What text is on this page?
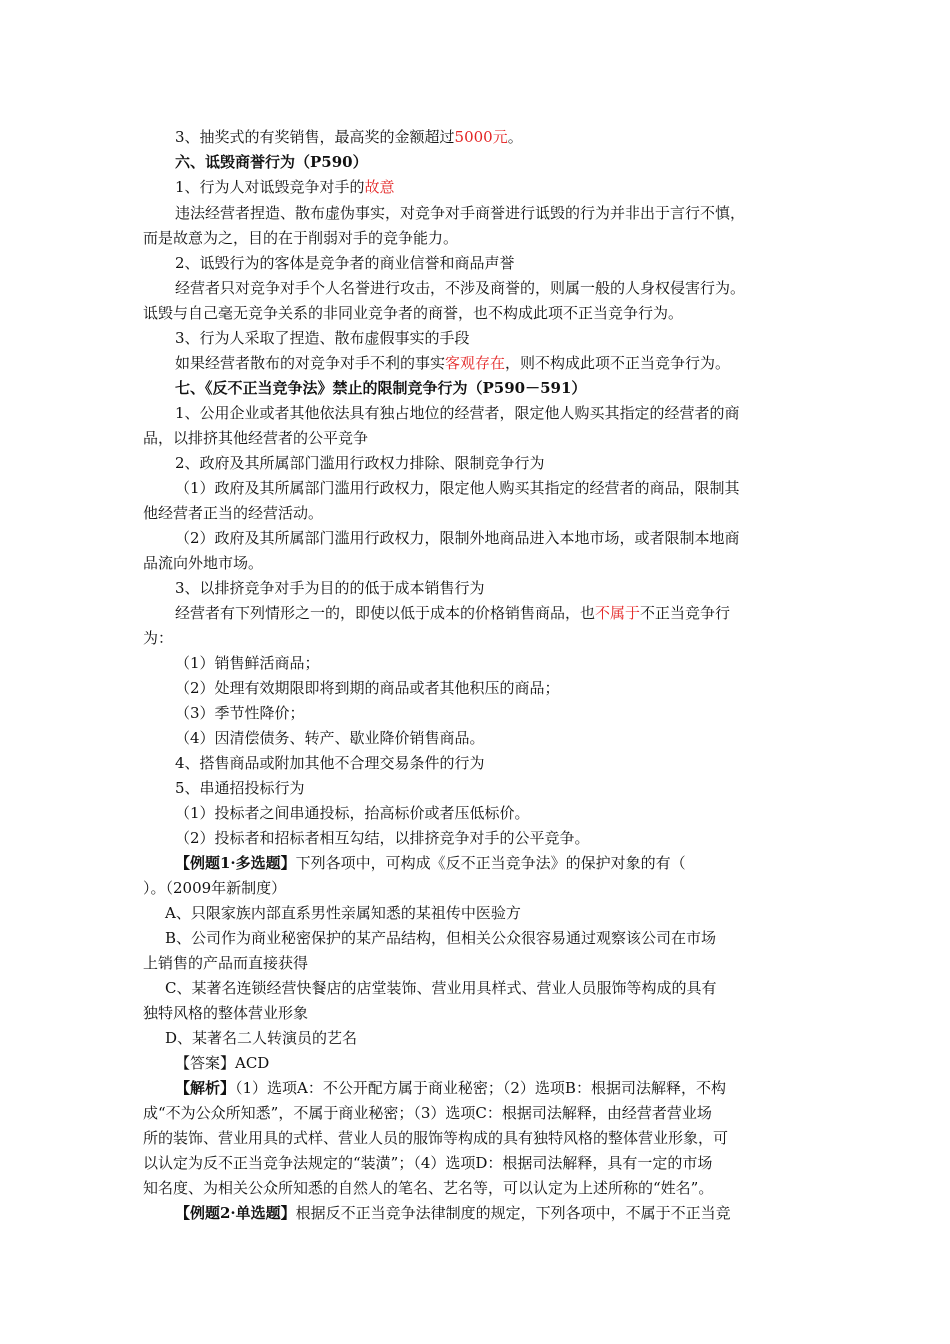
3、抽奖式的有奖销售，最高奖的金额超过5000元。
六、诋毁商誉行为（P590）
1、行为人对诋毁竞争对手的故意
违法经营者捏造、散布虚伪事实，对竞争对手商誉进行诋毁的行为并非出于言行不慎，
而是故意为之，目的在于削弱对手的竞争能力。
2、诋毁行为的客体是竞争者的商业信誉和商品声誉
经营者只对竞争对手个人名誉进行攻击，不涉及商誉的，则属一般的人身权侵害行为。
诋毁与自己毫无竞争关系的非同业竞争者的商誉，也不构成此项不正当竞争行为。
3、行为人采取了捏造、散布虚假事实的手段
如果经营者散布的对竞争对手不利的事实客观存在，则不构成此项不正当竞争行为。
七、《反不正当竞争法》禁止的限制竞争行为（P590－591）
1、公用企业或者其他依法具有独占地位的经营者，限定他人购买其指定的经营者的商
品，以排挤其他经营者的公平竞争
2、政府及其所属部门滥用行政权力排除、限制竞争行为
（1）政府及其所属部门滥用行政权力，限定他人购买其指定的经营者的商品，限制其
他经营者正当的经营活动。
（2）政府及其所属部门滥用行政权力，限制外地商品进入本地市场，或者限制本地商
品流向外地市场。
3、以排挤竞争对手为目的的低于成本销售行为
经营者有下列情形之一的，即使以低于成本的价格销售商品，也不属于不正当竞争行
为：
（1）销售鲜活商品；
（2）处理有效期限即将到期的商品或者其他积压的商品；
（3）季节性降价；
（4）因清偿债务、转产、歇业降价销售商品。
4、搭售商品或附加其他不合理交易条件的行为
5、串通招投标行为
（1）投标者之间串通投标，抬高标价或者压低标价。
（2）投标者和招标者相互勾结，以排挤竞争对手的公平竞争。
【例题1·多选题】下列各项中，可构成《反不正当竞争法》的保护对象的有（
）。（2009年新制度）
A、只限家族内部直系男性亲属知悉的某祖传中医验方
B、公司作为商业秘密保护的某产品结构，但相关公众很容易通过观察该公司在市场
上销售的产品而直接获得
C、某著名连锁经营快餐店的店堂装饰、营业用具样式、营业人员服饰等构成的具有
独特风格的整体营业形象
D、某著名二人转演员的艺名
【答案】ACD
【解析】（1）选项A：不公开配方属于商业秘密；（2）选项B：根据司法解释，不构
成“不为公众所知悉”，不属于商业秘密；（3）选项C：根据司法解释，由经营者营业场
所的装饰、营业用具的式样、营业人员的服饰等构成的具有独特风格的整体营业形象，可
以认定为反不正当竞争法规定的“装潢”；（4）选项D：根据司法解释，具有一定的市场
知名度、为相关公众所知悉的自然人的笔名、艺名等，可以认定为上述所称的“姓名”。
【例题2·单选题】根据反不正当竞争法律制度的规定，下列各项中，不属于不正当竞
